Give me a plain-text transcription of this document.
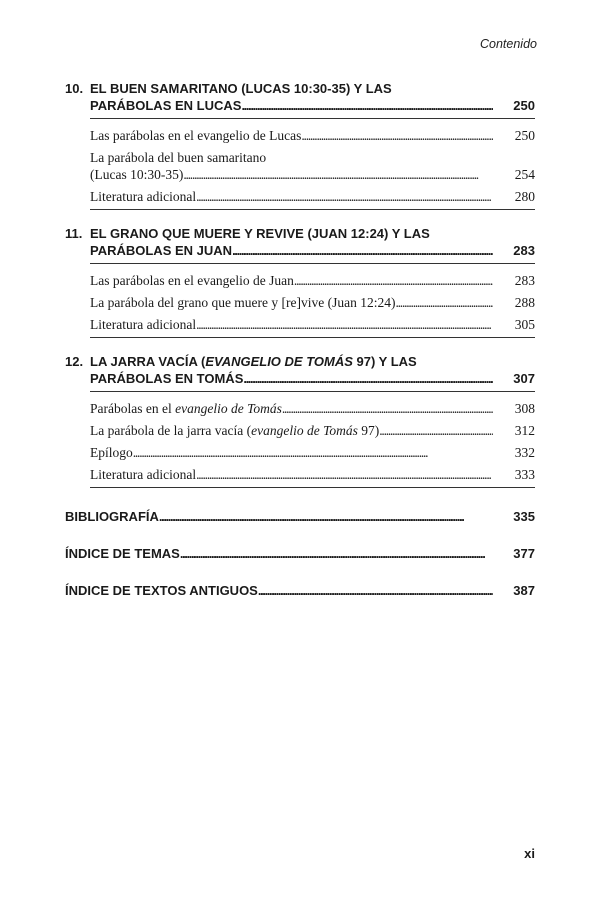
Contenido
10. EL BUEN SAMARITANO (LUCAS 10:30-35) Y LAS
PARÁBOLAS EN LUCAS . . .	250
Las parábolas en el evangelio de Lucas . . .	250
La parábola del buen samaritano
(Lucas 10:30-35) . . .	254
Literatura adicional . . .	280
11. EL GRANO QUE MUERE Y REVIVE (JUAN 12:24) Y LAS
PARÁBOLAS EN JUAN . . .	283
Las parábolas en el evangelio de Juan . . .	283
La parábola del grano que muere y [re]vive (Juan 12:24) . . .	288
Literatura adicional . . .	305
12. LA JARRA VACÍA (EVANGELIO DE TOMÁS 97) Y LAS
PARÁBOLAS EN TOMÁS . . .	307
Parábolas en el evangelio de Tomás . . .	308
La parábola de la jarra vacía (evangelio de Tomás 97) . . .	312
Epílogo . . .	332
Literatura adicional . . .	333
BIBLIOGRAFÍA . . .	335
ÍNDICE DE TEMAS . . .	377
ÍNDICE DE TEXTOS ANTIGUOS . . .	387
xi
